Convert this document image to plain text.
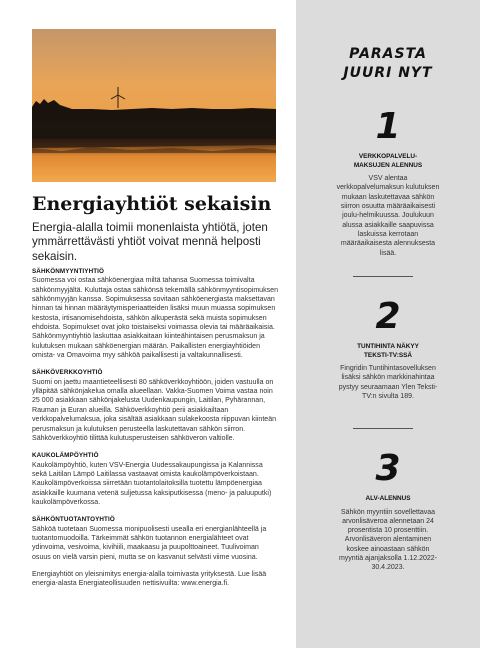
Energiayhtiöt sekaisin

Energia-alalla toimii monenlaista yhtiötä, joten ymmärrettävästi yhtiöt voivat mennä helposti sekaisin.

SÄHKÖNMYYNTIYHTIÖ

Suomessa voi ostaa sähköenergiaa miltä tahansa Suomessa toimivalta sähkönmyyjältä. Kuluttaja ostaa sähkönsä tekemällä sähkönmyyntisopimuksen sähkönmyyjän kanssa. Sopimuksessa sovitaan sähköenergiasta maksettavan hinnan tai hinnan määräytymisperiaatteiden lisäksi muun muassa sopimuksen kestosta, irtisanomisehdoista, sähkön alkuperästä sekä muista sopimuksen ehdoista. Sopimukset ovat joko toistaiseksi voimassa olevia tai määräaikaisia. Sähkönmyyntiyhtiö laskuttaa asiakkaitaan kiinteähintaisen perusmaksun ja kulutuksen mukaan sähköenergian määrän. Paikallisten energiayhtiöiden omista- va Omavoima myy sähköä paikallisesti ja valtakunnallisesti.

SÄHKÖVERKKOYHTIÖ

Suomi on jaettu maantieteellisesti 80 sähköverkkoyhtiöön, joiden vastuulla on ylläpitää sähkönjakelua omalla alueellaan. Vakka-Suomen Voima vastaa noin 25 000 asiakkaan sähkönjakelusta Uudenkaupungin, Laitilan, Pyhärannan, Rauman ja Euran alueilla. Sähköverkkoyhtiö perii asiakkailtaan verkkopalvelumaksua, joka sisältää asiakkaan sulakekoosta riippuvan kiinteän perusmaksun ja kulutuksen perusteella laskutettavan sähkön siirron. Sähköverkkoyhtiö tilittää kulutusperusteisen sähköveron valtiolle.

KAUKOLÄMPÖYHTIÖ

Kaukolämpöyhtiö, kuten VSV-Energia Uudessakaupungissa ja Kalannissa sekä Laitilan Lämpö Laitilassa vastaavat omista kaukolämpöverkoistaan. Kaukolämpöverkoissa siirretään tuotantolaitoksilla tuotettu lämpöenergiaa asiakkaille kuumana vetenä suljetussa kaksiputkisessa (meno- ja paluuputki) kaukolämpöverkossa.

SÄHKÖNTUOTANTOYHTIÖ

Sähköä tuotetaan Suomessa monipuolisesti usealla eri energianlähteellä ja tuotantomuodoilla. Tärkeimmät sähkön tuotannon energialähteet ovat ydinvoima, vesivoima, kivihiili, maakaasu ja puupolttoaineet. Tuulivoiman osuus on vielä varsin pieni, mutta se on kasvanut selvästi viime vuosina.

Energiayhtiöt on yleisnimitys energia-alalla toimivasta yrityksestä. Lue lisää energia-alasta Energiateollisuuden nettisivuilta: www.energia.fi.

PARASTA
JUURI NYT
1
VERKKOPALVELU-
MAKSUJEN ALENNUS

VSV alentaa verkkopalvelumaksun kulutuksen mukaan laskutettavaa sähkön siirron osuutta määräaikaisesti joulu-helmikuussa. Joulukuun alussa asiakkaille saapuvissa laskuissa kerrotaan määräaikaisesta alennuksesta lisää.

2
TUNTIHINTA NÄKYY
TEKSTI-TV:SSÄ

Fingridin Tuntihintasovelluksen lisäksi sähkön markkinahintaa pystyy seuraamaan Ylen Teksti-TV:n sivulta 189.

3
ALV-ALENNUS

Sähkön myyntiin sovellettavaa arvonlisäveroa alennetaan 24 prosentista 10 prosenttiin. Arvonlisäveron alentaminen koskee ainoastaan sähkön myyntiä ajanjaksolla 1.12.2022-30.4.2023.
